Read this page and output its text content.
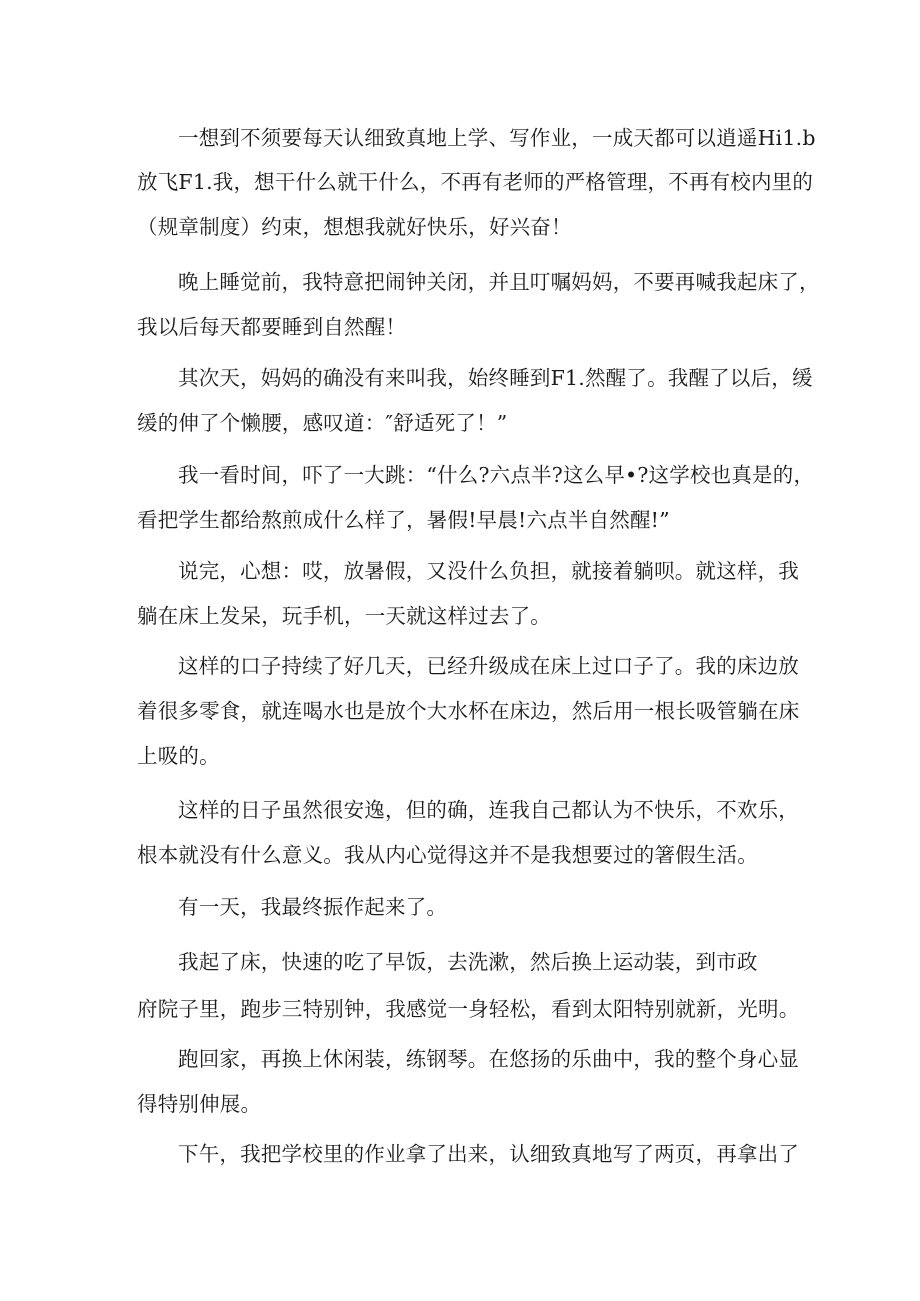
一想到不须要每天认细致真地上学、写作业，一成天都可以逍遥Hi1.b

放飞F1.我，想干什么就干什么，不再有老师的严格管理，不再有校内里的

（规章制度）约束，想想我就好快乐，好兴奋！

晚上睡觉前，我特意把闹钟关闭，并且叮嘱妈妈，不要再喊我起床了，

我以后每天都要睡到自然醒！

其次天，妈妈的确没有来叫我，始终睡到F1.然醒了。我醒了以后，缓

缓的伸了个懒腰，感叹道：″舒适死了！”

我一看时间，吓了一大跳：“什么?六点半?这么早•?这学校也真是的，

看把学生都给熬煎成什么样了，暑假!早晨!六点半自然醒!”

说完，心想：哎，放暑假，又没什么负担，就接着躺呗。就这样，我

躺在床上发呆，玩手机，一天就这样过去了。

这样的口子持续了好几天，已经升级成在床上过口子了。我的床边放

着很多零食，就连喝水也是放个大水杯在床边，然后用一根长吸管躺在床

上吸的。

这样的日子虽然很安逸，但的确，连我自己都认为不快乐，不欢乐，

根本就没有什么意义。我从内心觉得这并不是我想要过的箸假生活。

有一天，我最终振作起来了。

我起了床，快速的吃了早饭，去洗漱，然后换上运动装，到市政

府院子里，跑步三特别钟，我感觉一身轻松，看到太阳特别就新，光明。

跑回家，再换上休闲装，练钢琴。在悠扬的乐曲中，我的整个身心显

得特别伸展。

下午，我把学校里的作业拿了出来，认细致真地写了两页，再拿出了
